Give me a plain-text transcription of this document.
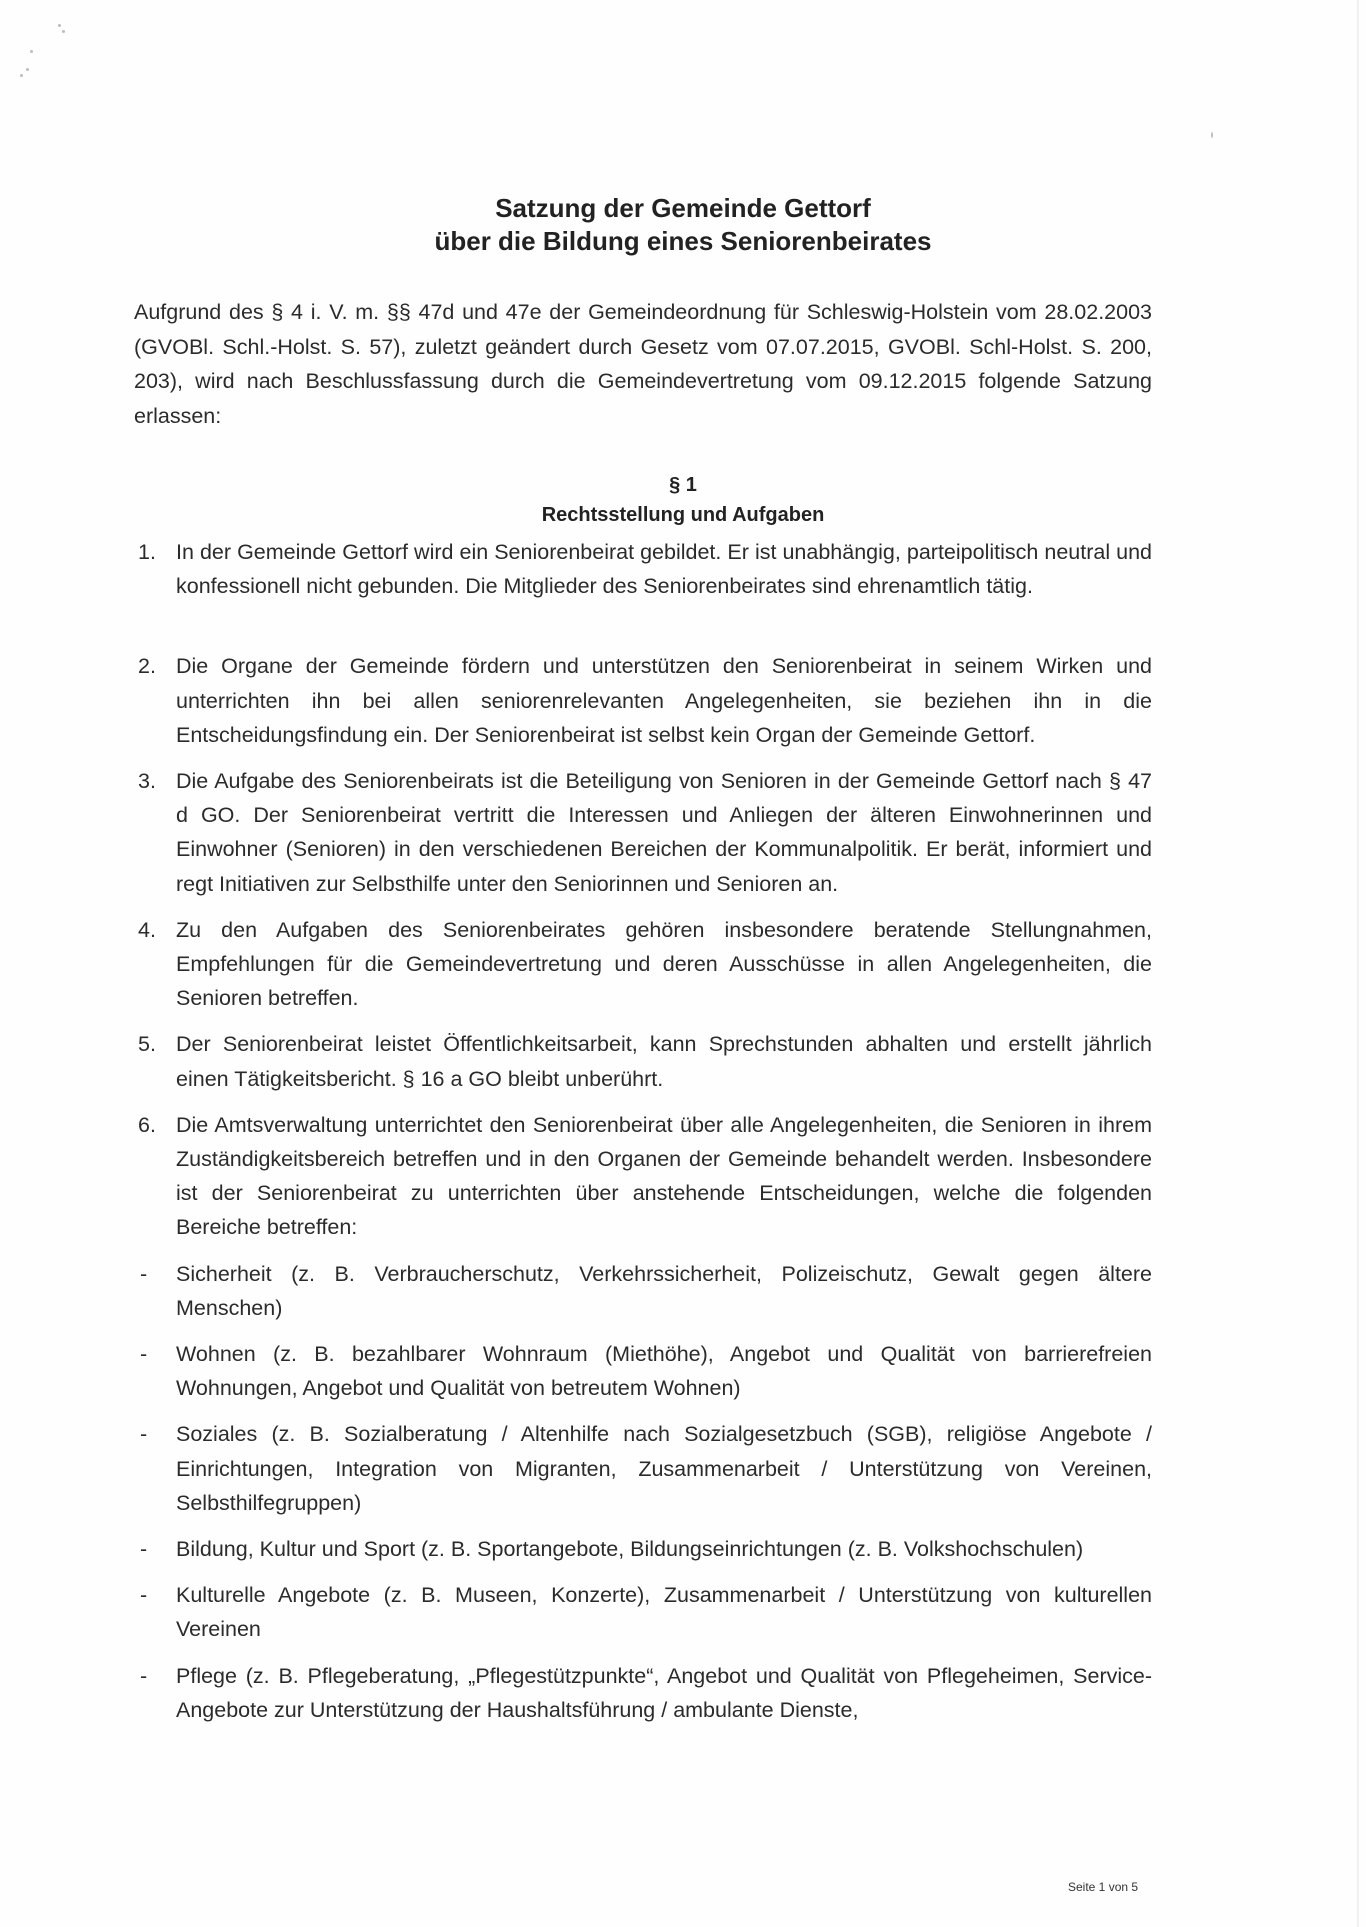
Satzung der Gemeinde Gettorf
über die Bildung eines Seniorenbeirates

Aufgrund des § 4 i. V. m. §§ 47d und 47e der Gemeindeordnung für Schleswig-Holstein vom 28.02.2003 (GVOBl. Schl.-Holst. S. 57), zuletzt geändert durch Gesetz vom 07.07.2015, GVOBl. Schl-Holst. S. 200, 203), wird nach Beschlussfassung durch die Gemeindevertretung vom 09.12.2015 folgende Satzung erlassen:

§ 1
Rechtsstellung und Aufgaben
1. In der Gemeinde Gettorf wird ein Seniorenbeirat gebildet. Er ist unabhängig, parteipolitisch neutral und konfessionell nicht gebunden. Die Mitglieder des Seniorenbeirates sind ehrenamtlich tätig.
2. Die Organe der Gemeinde fördern und unterstützen den Seniorenbeirat in seinem Wirken und unterrichten ihn bei allen seniorenrelevanten Angelegenheiten, sie beziehen ihn in die Entscheidungsfindung ein. Der Seniorenbeirat ist selbst kein Organ der Gemeinde Gettorf.
3. Die Aufgabe des Seniorenbeirats ist die Beteiligung von Senioren in der Gemeinde Gettorf nach § 47 d GO. Der Seniorenbeirat vertritt die Interessen und Anliegen der älteren Einwohnerinnen und Einwohner (Senioren) in den verschiedenen Bereichen der Kommunalpolitik. Er berät, informiert und regt Initiativen zur Selbsthilfe unter den Seniorinnen und Senioren an.
4. Zu den Aufgaben des Seniorenbeirates gehören insbesondere beratende Stellungnahmen, Empfehlungen für die Gemeindevertretung und deren Ausschüsse in allen Angelegenheiten, die Senioren betreffen.
5. Der Seniorenbeirat leistet Öffentlichkeitsarbeit, kann Sprechstunden abhalten und erstellt jährlich einen Tätigkeitsbericht. § 16 a GO bleibt unberührt.
6. Die Amtsverwaltung unterrichtet den Seniorenbeirat über alle Angelegenheiten, die Senioren in ihrem Zuständigkeitsbereich betreffen und in den Organen der Gemeinde behandelt werden. Insbesondere ist der Seniorenbeirat zu unterrichten über anstehende Entscheidungen, welche die folgenden Bereiche betreffen:
- Sicherheit (z. B. Verbraucherschutz, Verkehrssicherheit, Polizeischutz, Gewalt gegen ältere Menschen)
- Wohnen (z. B. bezahlbarer Wohnraum (Miethöhe), Angebot und Qualität von barrierefreien Wohnungen, Angebot und Qualität von betreutem Wohnen)
- Soziales (z. B. Sozialberatung / Altenhilfe nach Sozialgesetzbuch (SGB), religiöse Angebote / Einrichtungen, Integration von Migranten, Zusammenarbeit / Unterstützung von Vereinen, Selbsthilfegruppen)
- Bildung, Kultur und Sport (z. B. Sportangebote, Bildungseinrichtungen (z. B. Volkshochschulen)
- Kulturelle Angebote (z. B. Museen, Konzerte), Zusammenarbeit / Unterstützung von kulturellen Vereinen
- Pflege (z. B. Pflegeberatung, „Pflegestützpunkte“, Angebot und Qualität von Pflegeheimen, Service-Angebote zur Unterstützung der Haushaltsführung / ambulante Dienste,
Seite 1 von 5
